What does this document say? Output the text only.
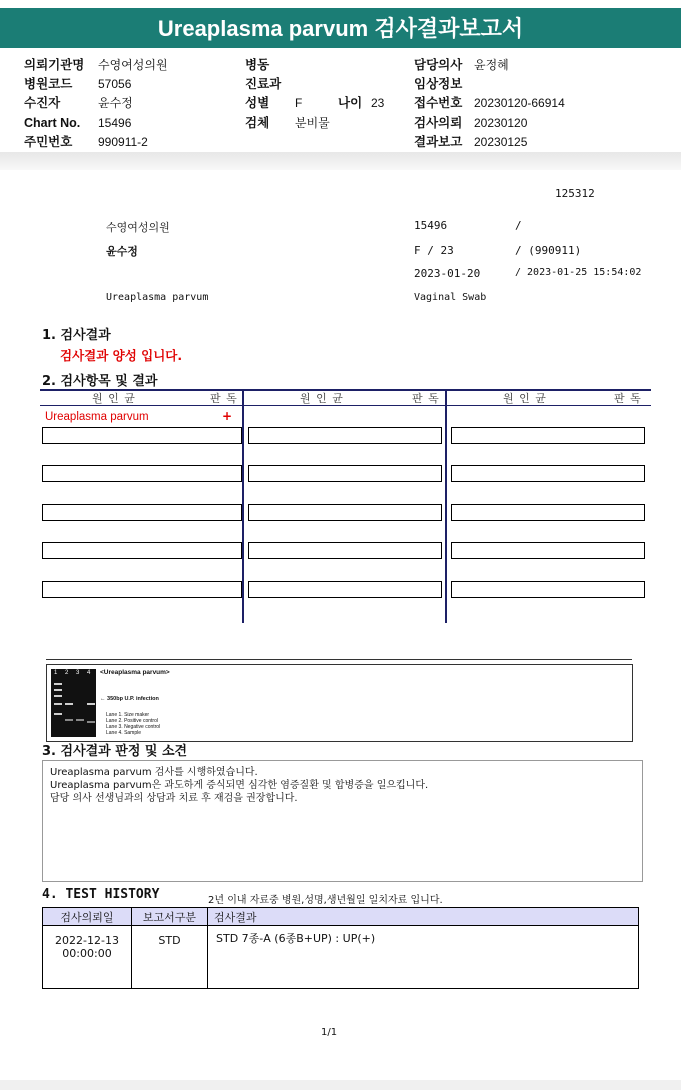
Ureaplasma parvum 검사결과보고서
의뢰기관명 수영여성의원
병원코드 57056
수진자	윤수정
Chart No. 15496
주민번호 990911-2
병동
진료과
성별 F	나이 23
검체 분비물
담당의사 윤정혜
임상정보
접수번호 20230120-66914
검사의뢰 20230120
결과보고 20230125
125312
수영여성의원	15496	/
윤수정	F / 23	/ (990911)
2023-01-20	/ 2023-01-25 15:54:02
Ureaplasma parvum	Vaginal Swab
1. 검사결과
검사결과 양성 입니다.
2. 검사항목 및 결과
원 인 균	판 독	원 인 균	판 독	원 인 균	판 독
Ureaplasma parvum	+
1 2 3 4 <Ureaplasma parvum>
← 350bp U.P. infection
Lane 1. Size maker
Lane 2. Positive control
Lane 3. Negative control
Lane 4. Sample
3. 검사결과 판정 및 소견
Ureaplasma parvum 검사를 시행하였습니다.
Ureaplasma parvum은 과도하게 증식되면 심각한 염증질환 및 합병증을 일으킵니다.
담당 의사 선생님과의 상담과 치료 후 재검을 권장합니다.
4. TEST HISTORY	2년 이내 자료중 병원,성명,생년월일 일치자료 입니다.
검사의뢰일	보고서구분	검사결과

2022-12-13
00:00:00	STD	STD 7종-A (6종B+UP) : UP(+)
1/1
